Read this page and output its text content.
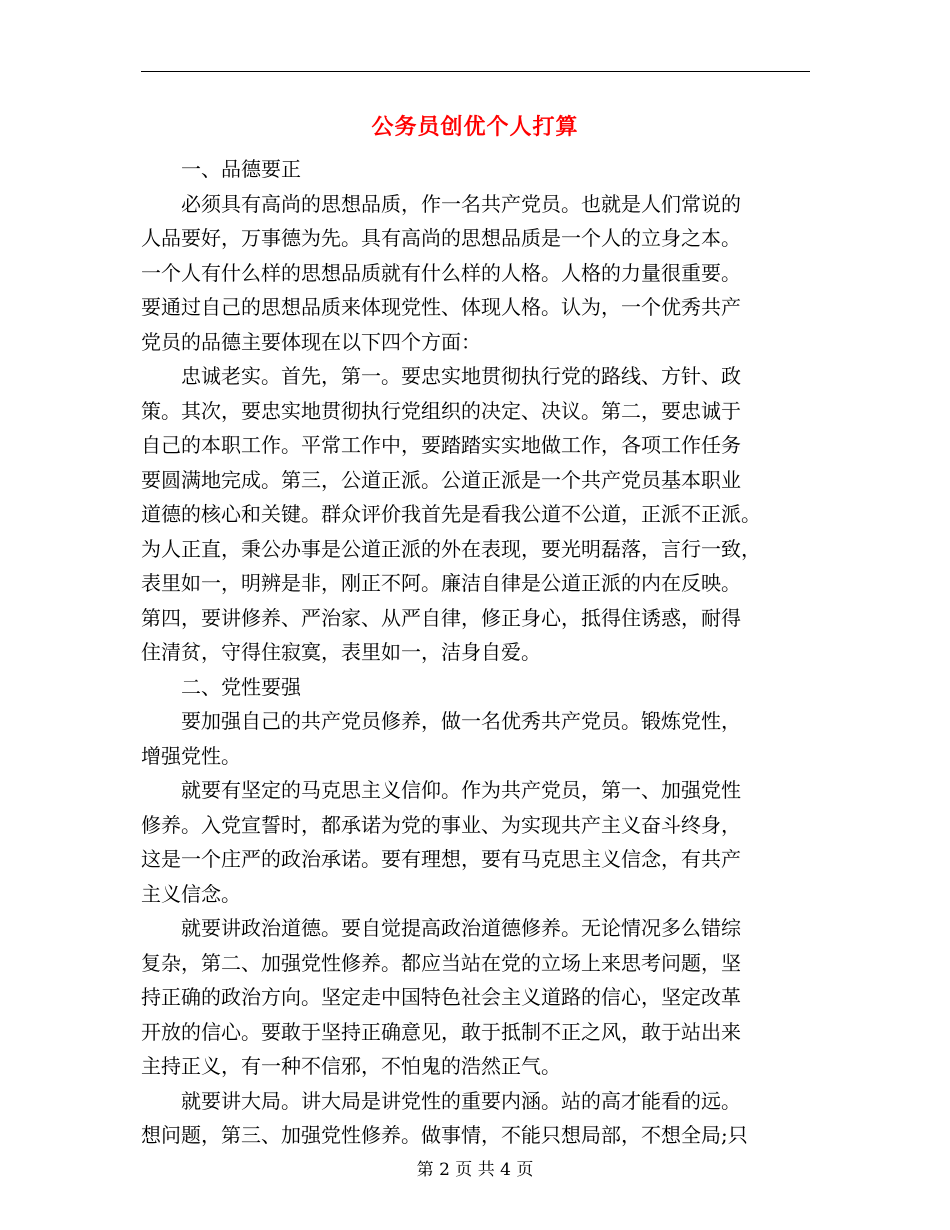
公务员创优个人打算

　　一、品德要正

　　必须具有高尚的思想品质，作一名共产党员。也就是人们常说的

人品要好，万事德为先。具有高尚的思想品质是一个人的立身之本。

一个人有什么样的思想品质就有什么样的人格。人格的力量很重要。

要通过自己的思想品质来体现党性、体现人格。认为，一个优秀共产

党员的品德主要体现在以下四个方面：

　　忠诚老实。首先，第一。要忠实地贯彻执行党的路线、方针、政

策。其次，要忠实地贯彻执行党组织的决定、决议。第二，要忠诚于

自己的本职工作。平常工作中，要踏踏实实地做工作，各项工作任务

要圆满地完成。第三，公道正派。公道正派是一个共产党员基本职业

道德的核心和关键。群众评价我首先是看我公道不公道，正派不正派。

为人正直，秉公办事是公道正派的外在表现，要光明磊落，言行一致，

表里如一，明辨是非，刚正不阿。廉洁自律是公道正派的内在反映。

第四，要讲修养、严治家、从严自律，修正身心，抵得住诱惑，耐得

住清贫，守得住寂寞，表里如一，洁身自爱。

　　二、党性要强

　　要加强自己的共产党员修养，做一名优秀共产党员。锻炼党性，

增强党性。

　　就要有坚定的马克思主义信仰。作为共产党员，第一、加强党性

修养。入党宣誓时，都承诺为党的事业、为实现共产主义奋斗终身，

这是一个庄严的政治承诺。要有理想，要有马克思主义信念，有共产

主义信念。

　　就要讲政治道德。要自觉提高政治道德修养。无论情况多么错综

复杂，第二、加强党性修养。都应当站在党的立场上来思考问题，坚

持正确的政治方向。坚定走中国特色社会主义道路的信心，坚定改革

开放的信心。要敢于坚持正确意见，敢于抵制不正之风，敢于站出来

主持正义，有一种不信邪，不怕鬼的浩然正气。

　　就要讲大局。讲大局是讲党性的重要内涵。站的高才能看的远。

想问题，第三、加强党性修养。做事情，不能只想局部，不想全局;只

第 2 页 共 4 页
